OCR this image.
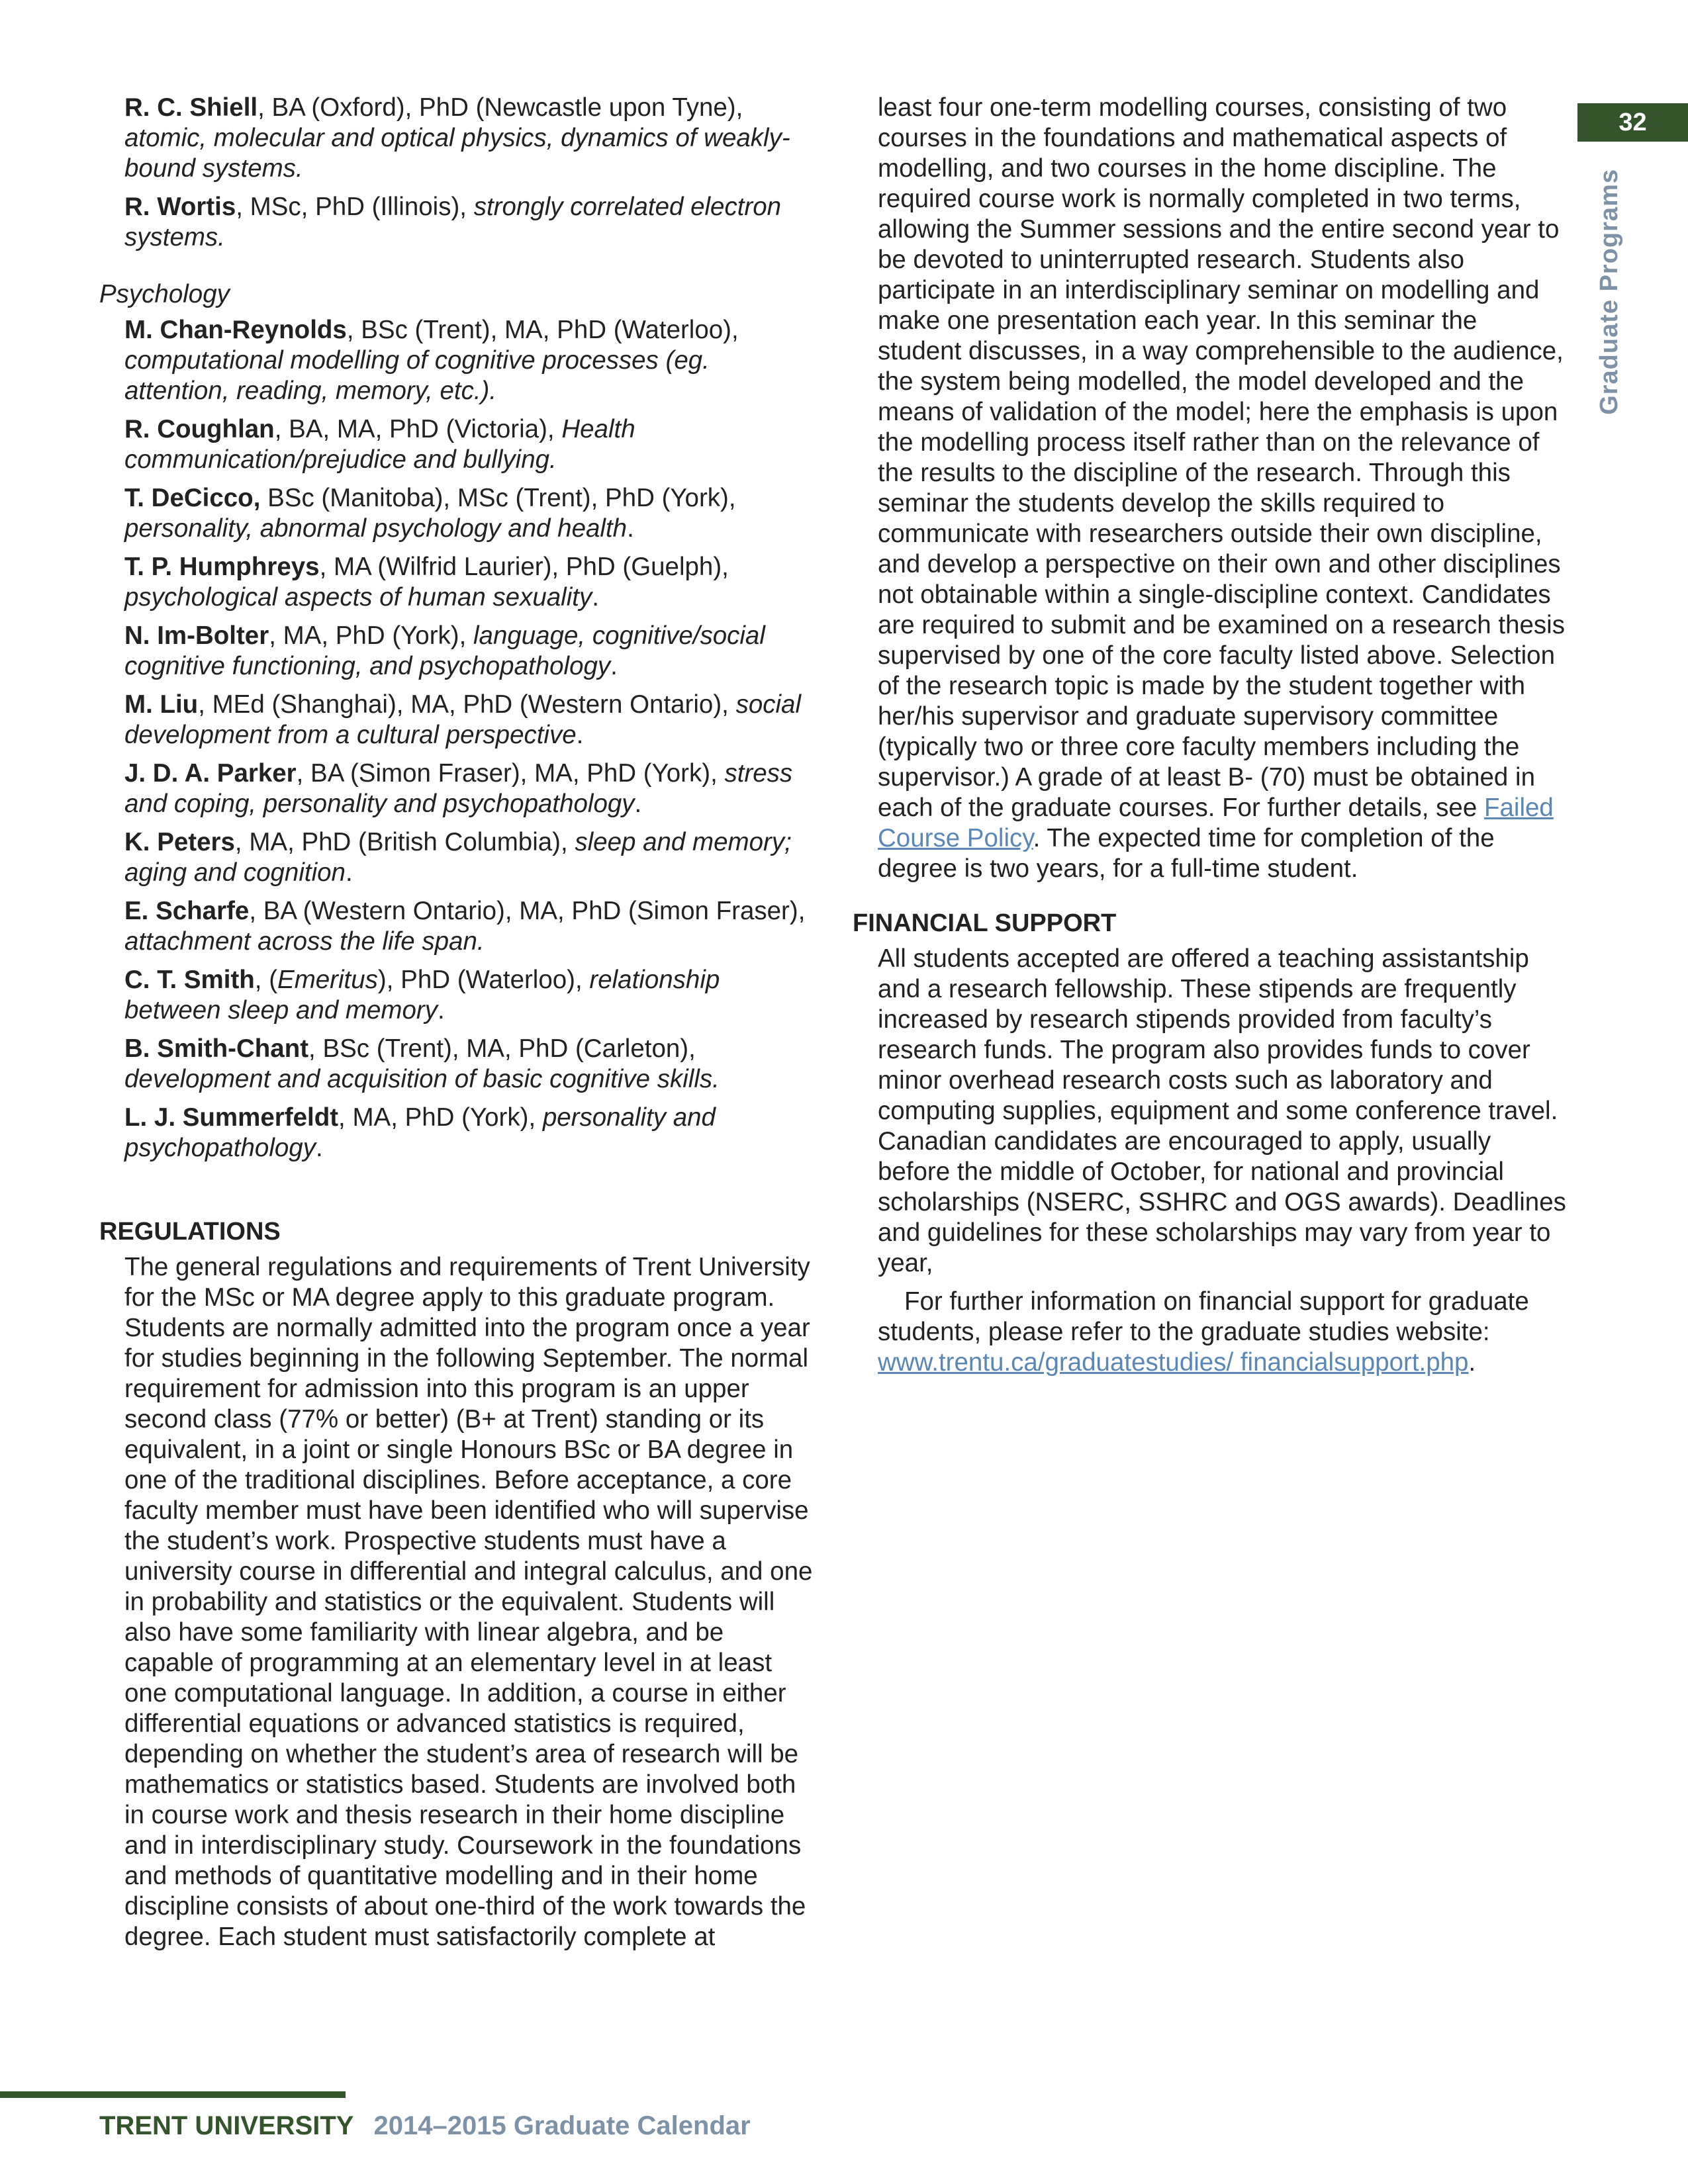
32
Graduate Programs

R. C. Shiell, BA (Oxford), PhD (Newcastle upon Tyne), atomic, molecular and optical physics, dynamics of weakly- bound systems.

R. Wortis, MSc, PhD (Illinois), strongly correlated electron systems.

Psychology

M. Chan-Reynolds, BSc (Trent), MA, PhD (Waterloo), computational modelling of cognitive processes (eg. attention, reading, memory, etc.).

R. Coughlan, BA, MA, PhD (Victoria), Health communication/prejudice and bullying.

T. DeCicco, BSc (Manitoba), MSc (Trent), PhD (York), personality, abnormal psychology and health.

T. P. Humphreys, MA (Wilfrid Laurier), PhD (Guelph), psychological aspects of human sexuality.

N. Im-Bolter, MA, PhD (York), language, cognitive/social cognitive functioning, and psychopathology.

M. Liu, MEd (Shanghai), MA, PhD (Western Ontario), social development from a cultural perspective.

J. D. A. Parker, BA (Simon Fraser), MA, PhD (York), stress and coping, personality and psychopathology.

K. Peters, MA, PhD (British Columbia), sleep and memory; aging and cognition.

E. Scharfe, BA (Western Ontario), MA, PhD (Simon Fraser), attachment across the life span.

C. T. Smith, (Emeritus), PhD (Waterloo), relationship between sleep and memory.

B. Smith-Chant, BSc (Trent), MA, PhD (Carleton), development and acquisition of basic cognitive skills.

L. J. Summerfeldt, MA, PhD (York), personality and psychopathology.

REGULATIONS

The general regulations and requirements of Trent University for the MSc or MA degree apply to this graduate program. Students are normally admitted into the program once a year for studies beginning in the following September. The normal requirement for admission into this program is an upper second class (77% or better) (B+ at Trent) standing or its equivalent, in a joint or single Honours BSc or BA degree in one of the traditional disciplines. Before acceptance, a core faculty member must have been identified who will supervise the student’s work. Prospective students must have a university course in differential and integral calculus, and one in probability and statistics or the equivalent. Students will also have some familiarity with linear algebra, and be capable of programming at an elementary level in at least one computational language. In addition, a course in either differential equations or advanced statistics is required, depending on whether the student’s area of research will be mathematics or statistics based. Students are involved both in course work and thesis research in their home discipline and in interdisciplinary study. Coursework in the foundations and methods of quantitative modelling and in their home discipline consists of about one-third of the work towards the degree. Each student must satisfactorily complete at

least four one-term modelling courses, consisting of two courses in the foundations and mathematical aspects of modelling, and two courses in the home discipline. The required course work is normally completed in two terms, allowing the Summer sessions and the entire second year to be devoted to uninterrupted research. Students also participate in an interdisciplinary seminar on modelling and make one presentation each year. In this seminar the student discusses, in a way comprehensible to the audience, the system being modelled, the model developed and the means of validation of the model; here the emphasis is upon the modelling process itself rather than on the relevance of the results to the discipline of the research. Through this seminar the students develop the skills required to communicate with researchers outside their own discipline, and develop a perspective on their own and other disciplines not obtainable within a single-discipline context. Candidates are required to submit and be examined on a research thesis supervised by one of the core faculty listed above. Selection of the research topic is made by the student together with her/his supervisor and graduate supervisory committee (typically two or three core faculty members including the supervisor.) A grade of at least B- (70) must be obtained in each of the graduate courses. For further details, see Failed Course Policy. The expected time for completion of the degree is two years, for a full-time student.

FINANCIAL SUPPORT

All students accepted are offered a teaching assistantship and a research fellowship. These stipends are frequently increased by research stipends provided from faculty’s research funds. The program also provides funds to cover minor overhead research costs such as laboratory and computing supplies, equipment and some conference travel. Canadian candidates are encouraged to apply, usually before the middle of October, for national and provincial scholarships (NSERC, SSHRC and OGS awards). Deadlines and guidelines for these scholarships may vary from year to year,

For further information on financial support for graduate students, please refer to the graduate studies website: www.trentu.ca/graduatestudies/ financialsupport.php.

TRENT UNIVERSITY 2014–2015 Graduate Calendar
